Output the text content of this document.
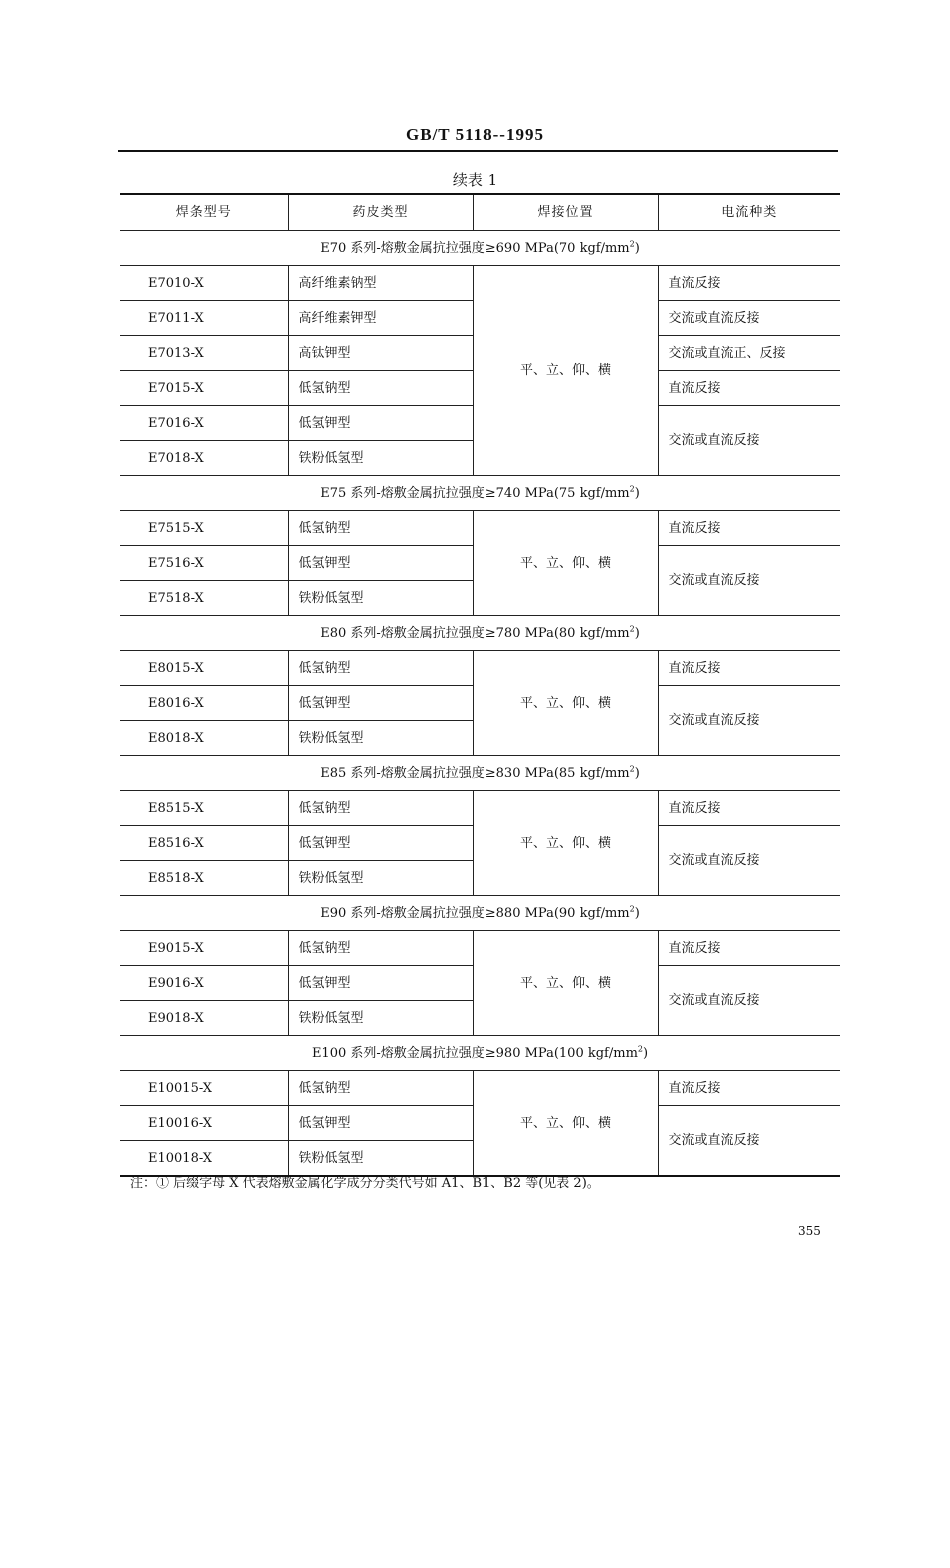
GB/T 5118--1995
续表 1
焊条型号	药皮类型	焊接位置	电流种类
E70 系列-熔敷金属抗拉强度≥690 MPa(70 kgf/$mm^2$)			
E7010-X	高纤维素钠型	平、立、仰、横	直流反接
E7011-X	高纤维素钾型		交流或直流反接
E7013-X	高钛钾型		交流或直流正、反接
E7015-X	低氢钠型		直流反接
E7016-X	低氢钾型		交流或直流反接
E7018-X	铁粉低氢型		
E75 系列-熔敷金属抗拉强度≥740 MPa(75 kgf/$mm^2$)			
E7515-X	低氢钠型	平、立、仰、横	直流反接
E7516-X	低氢钾型		交流或直流反接
E7518-X	铁粉低氢型		
E80 系列-熔敷金属抗拉强度≥780 MPa(80 kgf/$mm^2$)			
E8015-X	低氢钠型	平、立、仰、横	直流反接
E8016-X	低氢钾型		交流或直流反接
E8018-X	铁粉低氢型		
E85 系列-熔敷金属抗拉强度≥830 MPa(85 kgf/$mm^2$)			
E8515-X	低氢钠型	平、立、仰、横	直流反接
E8516-X	低氢钾型		交流或直流反接
E8518-X	铁粉低氢型		
E90 系列-熔敷金属抗拉强度≥880 MPa(90 kgf/$mm^2$)			
E9015-X	低氢钠型	平、立、仰、横	直流反接
E9016-X	低氢钾型		交流或直流反接
E9018-X	铁粉低氢型		
E100 系列-熔敷金属抗拉强度≥980 MPa(100 kgf/$mm^2$)			
E10015-X	低氢钠型	平、立、仰、横	直流反接
E10016-X	低氢钾型		交流或直流反接
E10018-X	铁粉低氢型		
注：① 后缀字母 X 代表熔敷金属化学成分分类代号如 A1、B1、B2 等(见表 2)。
355
